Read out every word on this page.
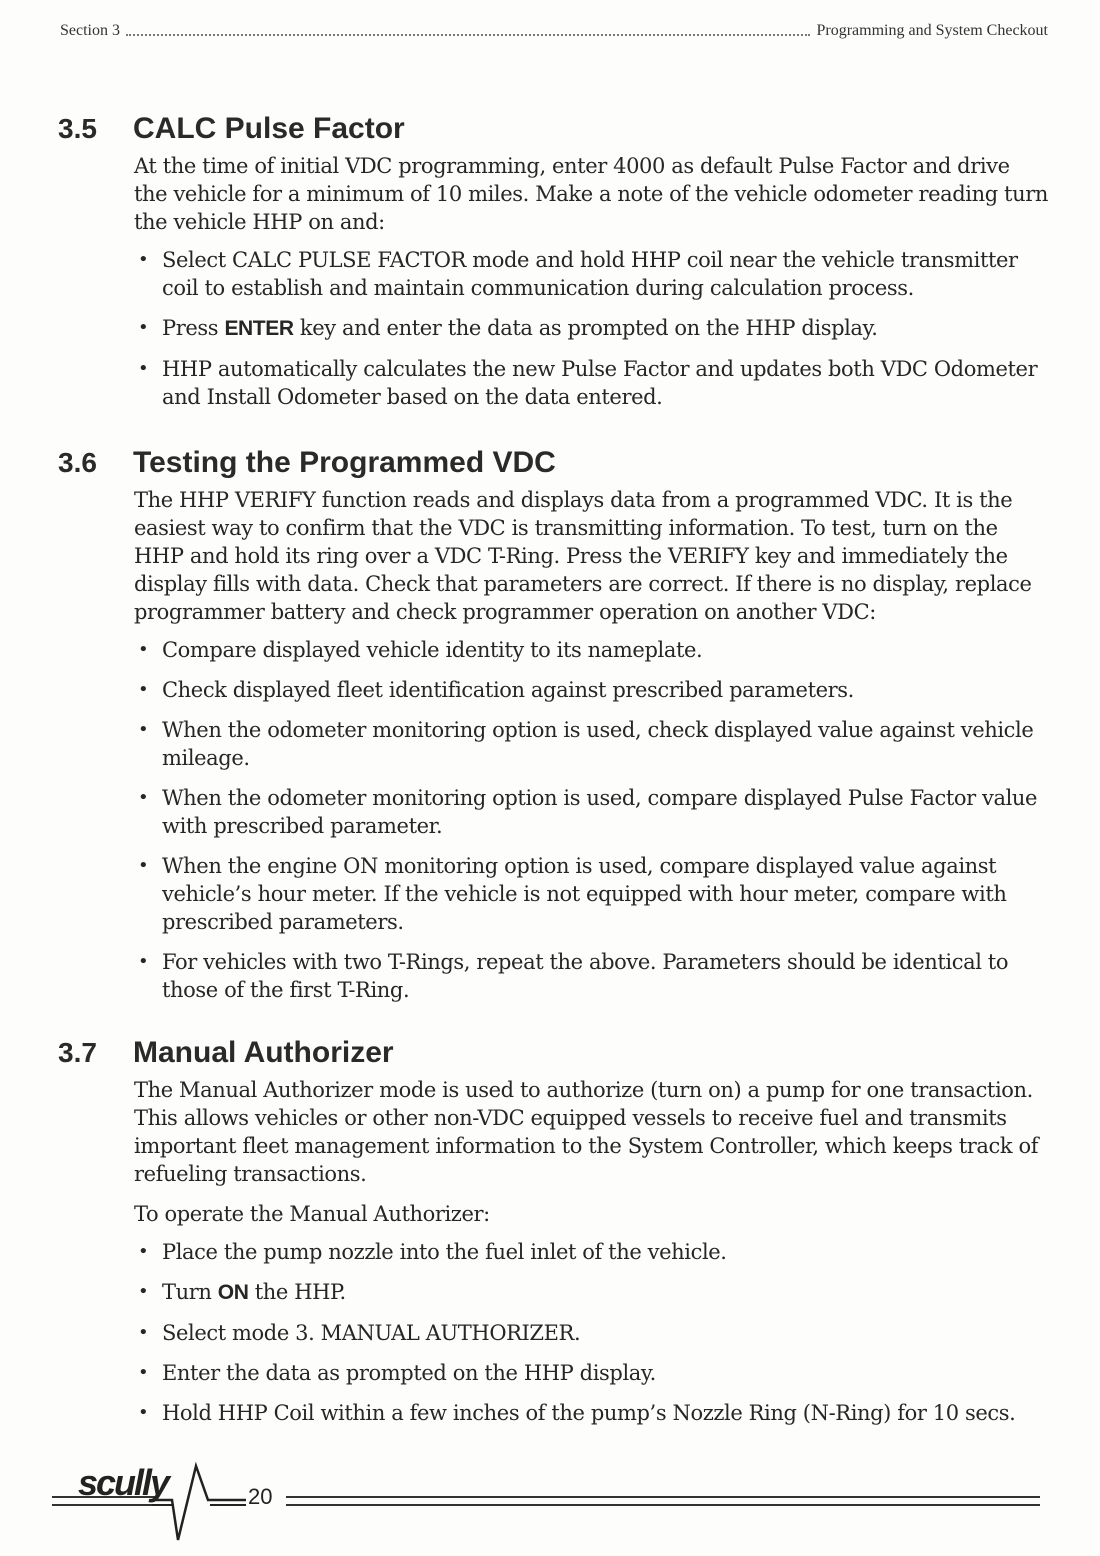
Section 3	Programming and System Checkout
3.5	CALC Pulse Factor

At the time of initial VDC programming, enter 4000 as default Pulse Factor and drive the vehicle for a minimum of 10 miles. Make a note of the vehicle odometer reading turn the vehicle HHP on and:

• Select CALC PULSE FACTOR mode and hold HHP coil near the vehicle transmitter coil to establish and maintain communication during calculation process.
• Press ENTER key and enter the data as prompted on the HHP display.
• HHP automatically calculates the new Pulse Factor and updates both VDC Odometer and Install Odometer based on the data entered.
3.6	Testing the Programmed VDC

The HHP VERIFY function reads and displays data from a programmed VDC. It is the easiest way to confirm that the VDC is transmitting information. To test, turn on the HHP and hold its ring over a VDC T-Ring. Press the VERIFY key and immediately the display fills with data. Check that parameters are correct. If there is no display, replace programmer battery and check programmer operation on another VDC:

• Compare displayed vehicle identity to its nameplate.
• Check displayed fleet identification against prescribed parameters.
• When the odometer monitoring option is used, check displayed value against vehicle mileage.
• When the odometer monitoring option is used, compare displayed Pulse Factor value with prescribed parameter.
• When the engine ON monitoring option is used, compare displayed value against vehicle’s hour meter. If the vehicle is not equipped with hour meter, compare with prescribed parameters.
• For vehicles with two T-Rings, repeat the above. Parameters should be identical to those of the first T-Ring.
3.7	Manual Authorizer

The Manual Authorizer mode is used to authorize (turn on) a pump for one transaction. This allows vehicles or other non-VDC equipped vessels to receive fuel and transmits important fleet management information to the System Controller, which keeps track of refueling transactions.

To operate the Manual Authorizer:

• Place the pump nozzle into the fuel inlet of the vehicle.
• Turn ON the HHP.
• Select mode 3. MANUAL AUTHORIZER.
• Enter the data as prompted on the HHP display.
• Hold HHP Coil within a few inches of the pump’s Nozzle Ring (N-Ring) for 10 secs.
scully	20
